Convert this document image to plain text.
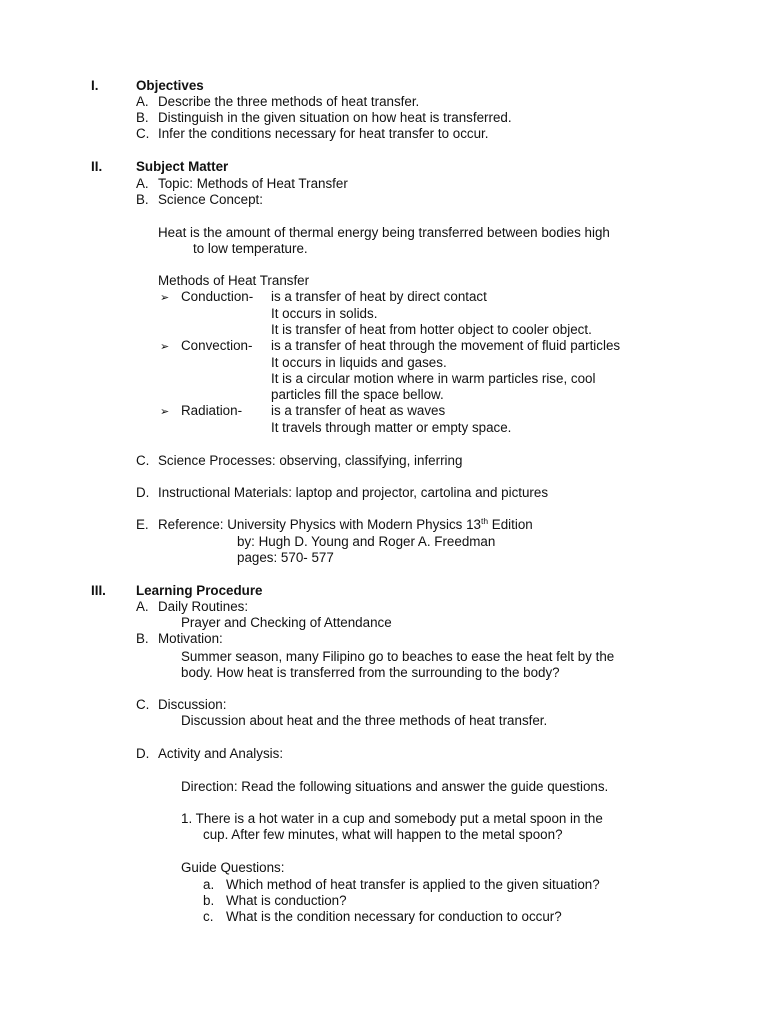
I.	Objectives
A. Describe the three methods of heat transfer.
B. Distinguish in the given situation on how heat is transferred.
C. Infer the conditions necessary for heat transfer to occur.
II.	Subject Matter
A. Topic: Methods of Heat Transfer
B. Science Concept:
Heat is the amount of thermal energy being transferred between bodies high
to low temperature.
Methods of Heat Transfer
➢ Conduction- is a transfer of heat by direct contact
It occurs in solids.
It is transfer of heat from hotter object to cooler object.
➢ Convection- is a transfer of heat through the movement of fluid particles
It occurs in liquids and gases.
It is a circular motion where in warm particles rise, cool
particles fill the space bellow.
➢ Radiation- is a transfer of heat as waves
It travels through matter or empty space.
C. Science Processes: observing, classifying, inferring
D. Instructional Materials: laptop and projector, cartolina and pictures
E. Reference: University Physics with Modern Physics 13th Edition
by: Hugh D. Young and Roger A. Freedman
pages: 570- 577
III. Learning Procedure
A. Daily Routines:
Prayer and Checking of Attendance
B. Motivation:
Summer season, many Filipino go to beaches to ease the heat felt by the
body. How heat is transferred from the surrounding to the body?
C. Discussion:
Discussion about heat and the three methods of heat transfer.
D. Activity and Analysis:
Direction: Read the following situations and answer the guide questions.
1. There is a hot water in a cup and somebody put a metal spoon in the
cup. After few minutes, what will happen to the metal spoon?
Guide Questions:
a. Which method of heat transfer is applied to the given situation?
b. What is conduction?
c. What is the condition necessary for conduction to occur?
